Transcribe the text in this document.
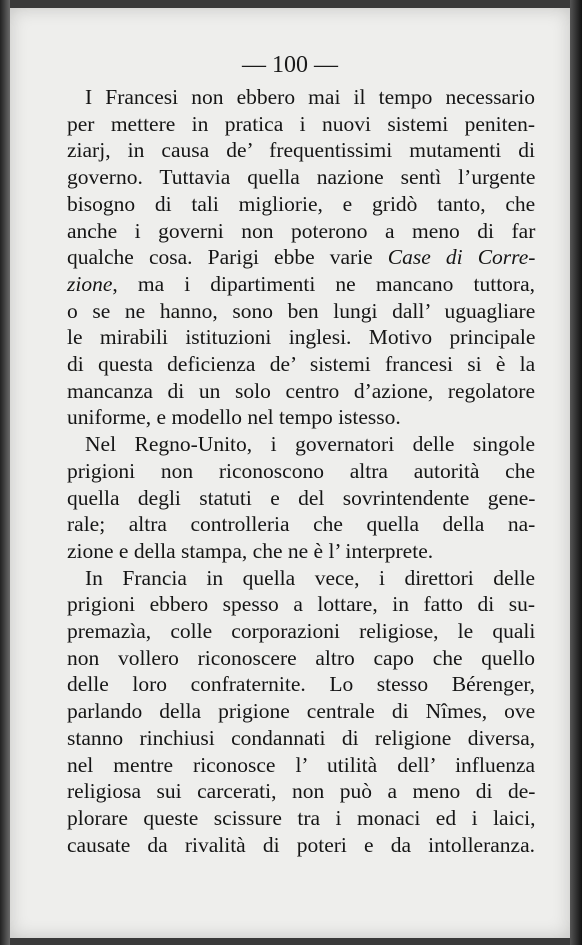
— 100 —
I Francesi non ebbero mai il tempo necessario
per mettere in pratica i nuovi sistemi peniten-
ziarj, in causa de’ frequentissimi mutamenti di
governo. Tuttavia quella nazione sentì l’urgente
bisogno di tali migliorie, e gridò tanto, che
anche i governi non poterono a meno di far
qualche cosa. Parigi ebbe varie Case di Corre-
zione, ma i dipartimenti ne mancano tuttora,
o se ne hanno, sono ben lungi dall’ uguagliare
le mirabili istituzioni inglesi. Motivo principale
di questa deficienza de’ sistemi francesi si è la
mancanza di un solo centro d’azione, regolatore
uniforme, e modello nel tempo istesso.
Nel Regno-Unito, i governatori delle singole
prigioni non riconoscono altra autorità che
quella degli statuti e del sovrintendente gene-
rale; altra controlleria che quella della na-
zione e della stampa, che ne è l’ interprete.
In Francia in quella vece, i direttori delle
prigioni ebbero spesso a lottare, in fatto di su-
premazìa, colle corporazioni religiose, le quali
non vollero riconoscere altro capo che quello
delle loro confraternite. Lo stesso Bérenger,
parlando della prigione centrale di Nîmes, ove
stanno rinchiusi condannati di religione diversa,
nel mentre riconosce l’ utilità dell’ influenza
religiosa sui carcerati, non può a meno di de-
plorare queste scissure tra i monaci ed i laici,
causate da rivalità di poteri e da intolleranza.
